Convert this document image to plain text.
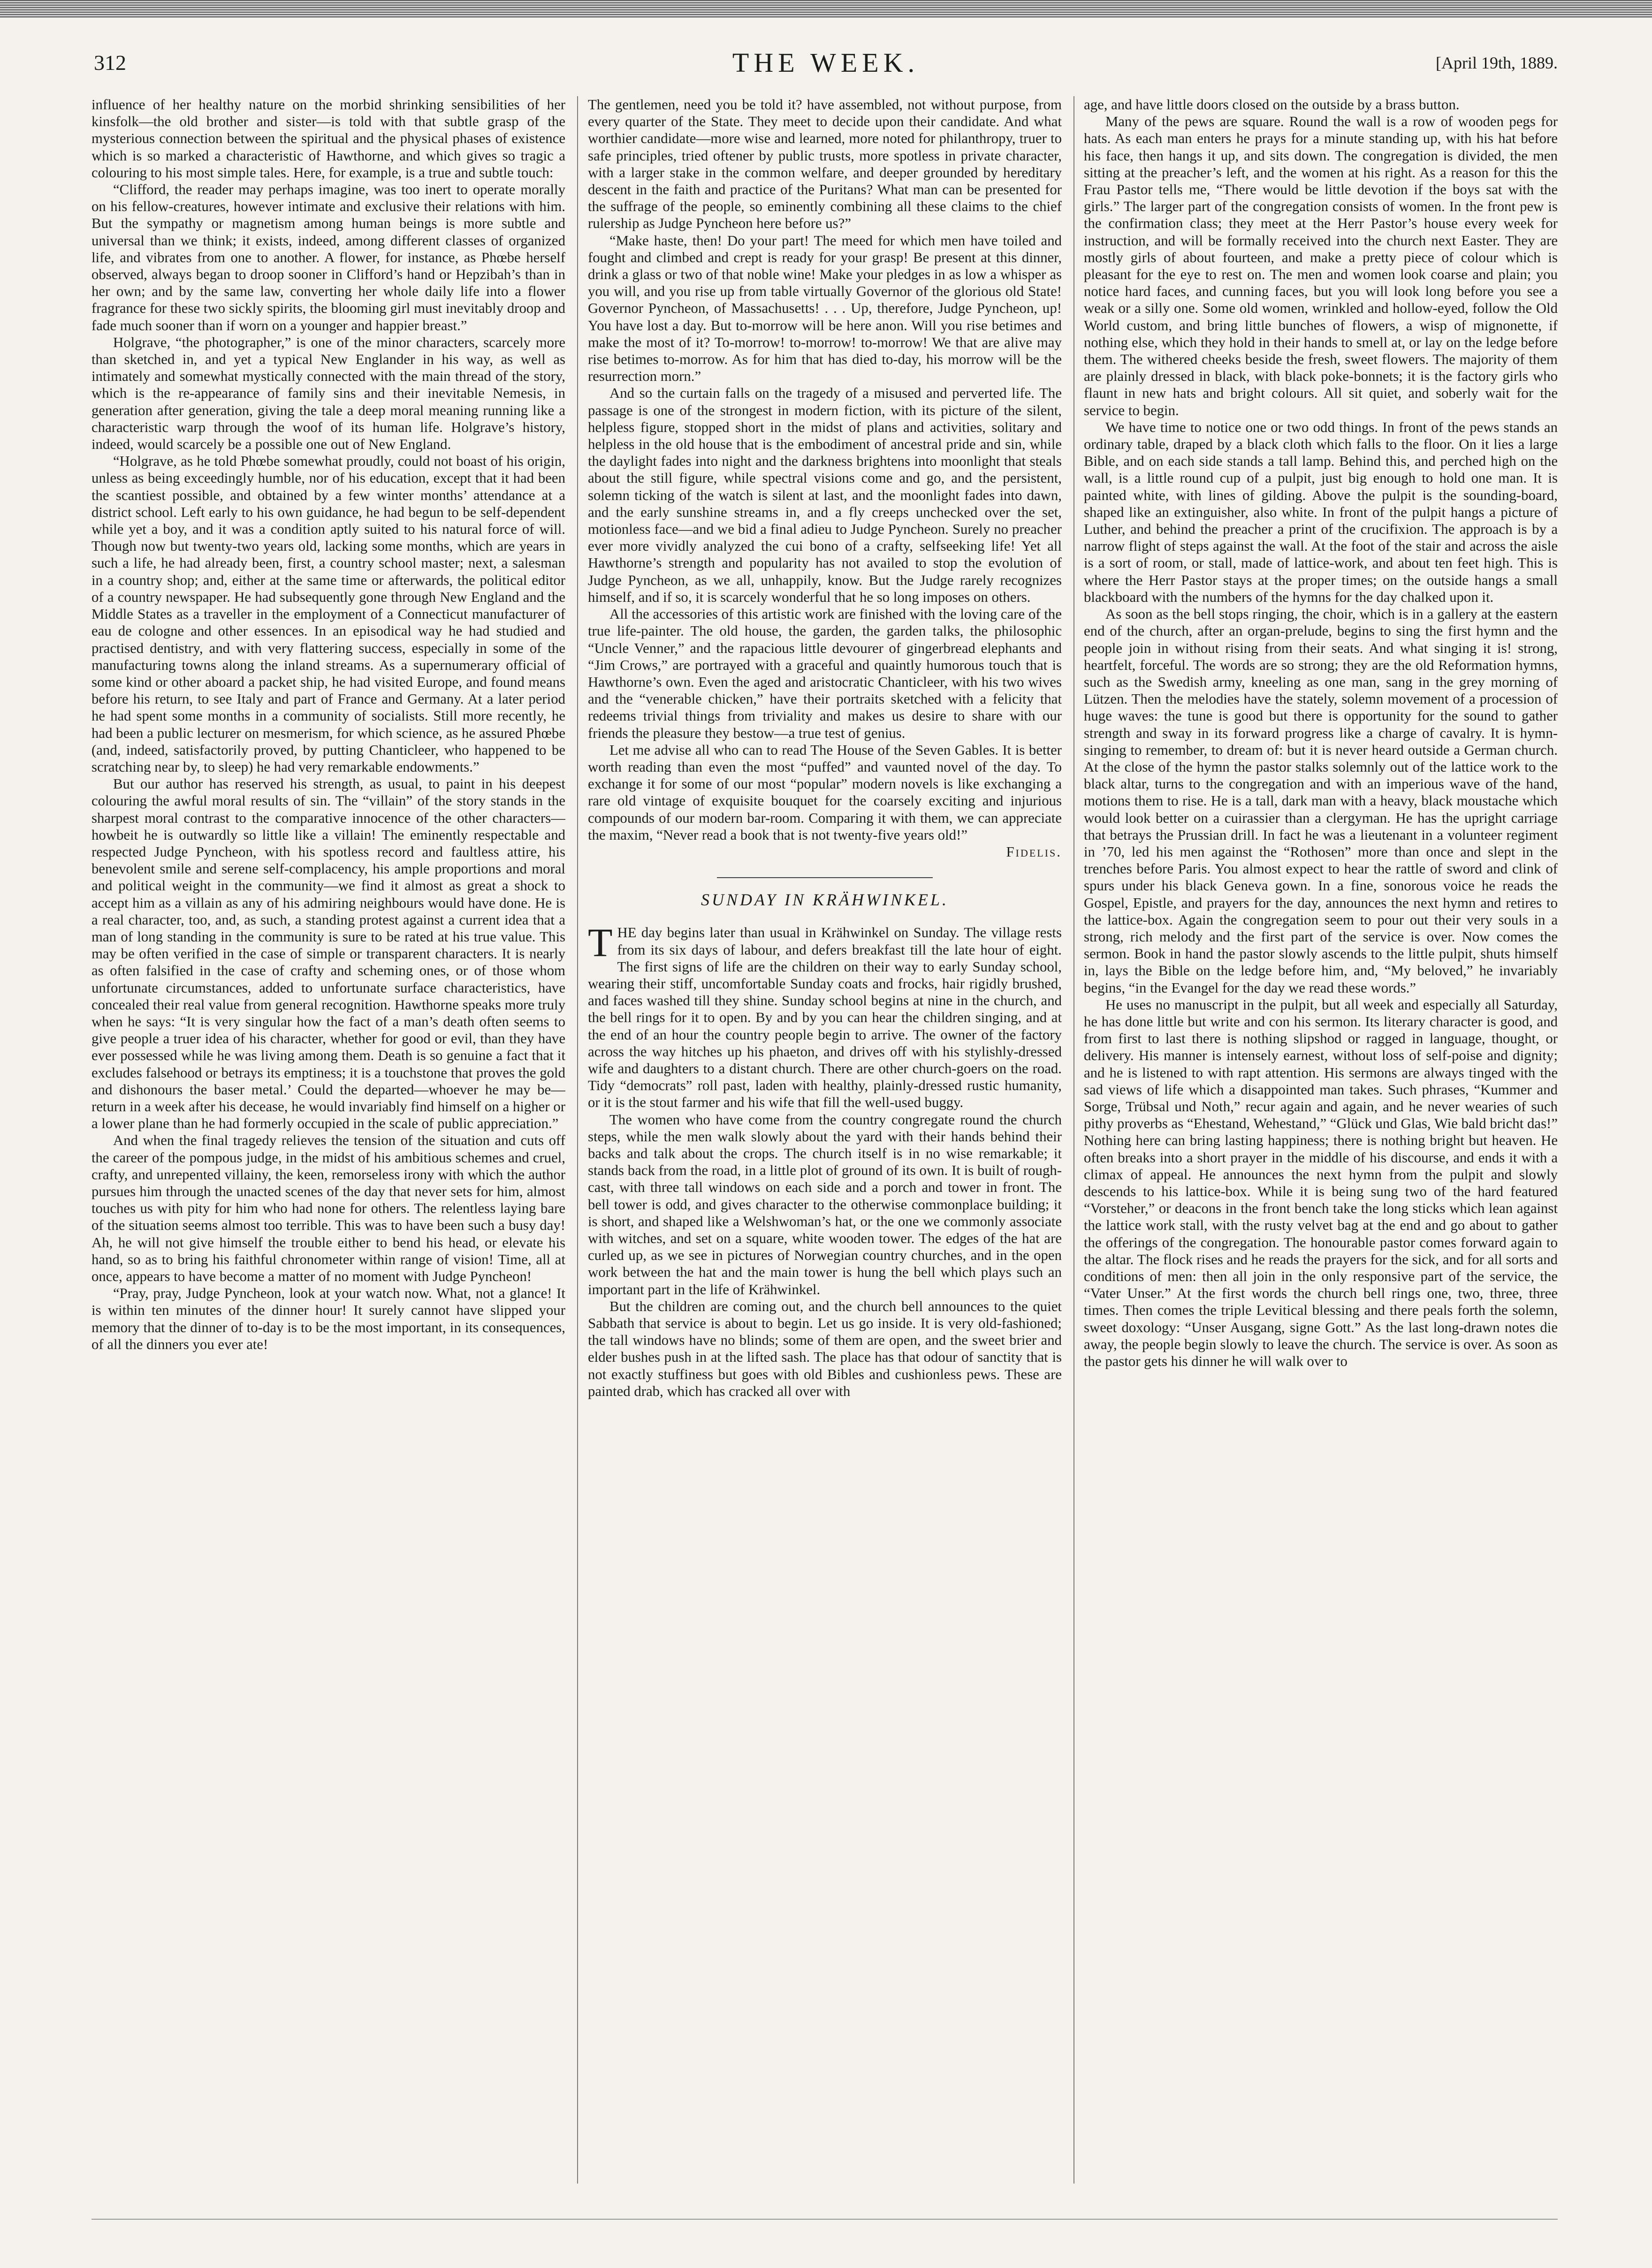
312	THE WEEK.	[April 19th, 1889.

influence of her healthy nature on the morbid shrinking sensibilities of her kinsfolk—the old brother and sister—is told with that subtle grasp of the mysterious connection between the spiritual and the physical phases of existence which is so marked a characteristic of Hawthorne, and which gives so tragic a colouring to his most simple tales. Here, for example, is a true and subtle touch:

“Clifford, the reader may perhaps imagine, was too inert to operate morally on his fellow-creatures, however intimate and exclusive their relations with him. But the sympathy or magnetism among human beings is more subtle and universal than we think; it exists, indeed, among different classes of organized life, and vibrates from one to another. A flower, for instance, as Phœbe herself observed, always began to droop sooner in Clifford’s hand or Hepzibah’s than in her own; and by the same law, converting her whole daily life into a flower fragrance for these two sickly spirits, the blooming girl must inevitably droop and fade much sooner than if worn on a younger and happier breast.”

Holgrave, “the photographer,” is one of the minor characters, scarcely more than sketched in, and yet a typical New Englander in his way, as well as intimately and somewhat mystically connected with the main thread of the story, which is the re-appearance of family sins and their inevitable Nemesis, in generation after generation, giving the tale a deep moral meaning running like a characteristic warp through the woof of its human life. Holgrave’s history, indeed, would scarcely be a possible one out of New England.

“Holgrave, as he told Phœbe somewhat proudly, could not boast of his origin, unless as being exceedingly humble, nor of his education, except that it had been the scantiest possible, and obtained by a few winter months’ attendance at a district school. Left early to his own guidance, he had begun to be self-dependent while yet a boy, and it was a condition aptly suited to his natural force of will. Though now but twenty-two years old, lacking some months, which are years in such a life, he had already been, first, a country school master; next, a salesman in a country shop; and, either at the same time or afterwards, the political editor of a country newspaper. He had subsequently gone through New England and the Middle States as a traveller in the employment of a Connecticut manufacturer of eau de cologne and other essences. In an episodical way he had studied and practised dentistry, and with very flattering success, especially in some of the manufacturing towns along the inland streams. As a supernumerary official of some kind or other aboard a packet ship, he had visited Europe, and found means before his return, to see Italy and part of France and Germany. At a later period he had spent some months in a community of socialists. Still more recently, he had been a public lecturer on mesmerism, for which science, as he assured Phœbe (and, indeed, satisfactorily proved, by putting Chanticleer, who happened to be scratching near by, to sleep) he had very remarkable endowments.”

But our author has reserved his strength, as usual, to paint in his deepest colouring the awful moral results of sin. The “villain” of the story stands in the sharpest moral contrast to the comparative innocence of the other characters—howbeit he is outwardly so little like a villain! The eminently respectable and respected Judge Pyncheon, with his spotless record and faultless attire, his benevolent smile and serene self-complacency, his ample proportions and moral and political weight in the community—we find it almost as great a shock to accept him as a villain as any of his admiring neighbours would have done. He is a real character, too, and, as such, a standing protest against a current idea that a man of long standing in the community is sure to be rated at his true value. This may be often verified in the case of simple or transparent characters. It is nearly as often falsified in the case of crafty and scheming ones, or of those whom unfortunate circumstances, added to unfortunate surface characteristics, have concealed their real value from general recognition. Hawthorne speaks more truly when he says: “It is very singular how the fact of a man’s death often seems to give people a truer idea of his character, whether for good or evil, than they have ever possessed while he was living among them. Death is so genuine a fact that it excludes falsehood or betrays its emptiness; it is a touchstone that proves the gold and dishonours the baser metal.’ Could the departed—whoever he may be—return in a week after his decease, he would invariably find himself on a higher or a lower plane than he had formerly occupied in the scale of public appreciation.”

And when the final tragedy relieves the tension of the situation and cuts off the career of the pompous judge, in the midst of his ambitious schemes and cruel, crafty, and unrepented villainy, the keen, remorseless irony with which the author pursues him through the unacted scenes of the day that never sets for him, almost touches us with pity for him who had none for others. The relentless laying bare of the situation seems almost too terrible. This was to have been such a busy day! Ah, he will not give himself the trouble either to bend his head, or elevate his hand, so as to bring his faithful chronometer within range of vision! Time, all at once, appears to have become a matter of no moment with Judge Pyncheon!

“Pray, pray, Judge Pyncheon, look at your watch now. What, not a glance! It is within ten minutes of the dinner hour! It surely cannot have slipped your memory that the dinner of to-day is to be the most important, in its consequences, of all the dinners you ever ate!

The gentlemen, need you be told it? have assembled, not without purpose, from every quarter of the State. They meet to decide upon their candidate. And what worthier candidate—more wise and learned, more noted for philanthropy, truer to safe principles, tried oftener by public trusts, more spotless in private character, with a larger stake in the common welfare, and deeper grounded by hereditary descent in the faith and practice of the Puritans? What man can be presented for the suffrage of the people, so eminently combining all these claims to the chief rulership as Judge Pyncheon here before us?”

“Make haste, then! Do your part! The meed for which men have toiled and fought and climbed and crept is ready for your grasp! Be present at this dinner, drink a glass or two of that noble wine! Make your pledges in as low a whisper as you will, and you rise up from table virtually Governor of the glorious old State! Governor Pyncheon, of Massachusetts! . . . Up, therefore, Judge Pyncheon, up! You have lost a day. But to-morrow will be here anon. Will you rise betimes and make the most of it? To-morrow! to-morrow! to-morrow! We that are alive may rise betimes to-morrow. As for him that has died to-day, his morrow will be the resurrection morn.”

And so the curtain falls on the tragedy of a misused and perverted life. The passage is one of the strongest in modern fiction, with its picture of the silent, helpless figure, stopped short in the midst of plans and activities, solitary and helpless in the old house that is the embodiment of ancestral pride and sin, while the daylight fades into night and the darkness brightens into moonlight that steals about the still figure, while spectral visions come and go, and the persistent, solemn ticking of the watch is silent at last, and the moonlight fades into dawn, and the early sunshine streams in, and a fly creeps unchecked over the set, motionless face—and we bid a final adieu to Judge Pyncheon. Surely no preacher ever more vividly analyzed the cui bono of a crafty, selfseeking life! Yet all Hawthorne’s strength and popularity has not availed to stop the evolution of Judge Pyncheon, as we all, unhappily, know. But the Judge rarely recognizes himself, and if so, it is scarcely wonderful that he so long imposes on others.

All the accessories of this artistic work are finished with the loving care of the true life-painter. The old house, the garden, the garden talks, the philosophic “Uncle Venner,” and the rapacious little devourer of gingerbread elephants and “Jim Crows,” are portrayed with a graceful and quaintly humorous touch that is Hawthorne’s own. Even the aged and aristocratic Chanticleer, with his two wives and the “venerable chicken,” have their portraits sketched with a felicity that redeems trivial things from triviality and makes us desire to share with our friends the pleasure they bestow—a true test of genius.

Let me advise all who can to read The House of the Seven Gables. It is better worth reading than even the most “puffed” and vaunted novel of the day. To exchange it for some of our most “popular” modern novels is like exchanging a rare old vintage of exquisite bouquet for the coarsely exciting and injurious compounds of our modern bar-room. Comparing it with them, we can appreciate the maxim, “Never read a book that is not twenty-five years old!”

Fidelis.
SUNDAY IN KRÄHWINKEL.

THE day begins later than usual in Krähwinkel on Sunday. The village rests from its six days of labour, and defers breakfast till the late hour of eight. The first signs of life are the children on their way to early Sunday school, wearing their stiff, uncomfortable Sunday coats and frocks, hair rigidly brushed, and faces washed till they shine. Sunday school begins at nine in the church, and the bell rings for it to open. By and by you can hear the children singing, and at the end of an hour the country people begin to arrive. The owner of the factory across the way hitches up his phaeton, and drives off with his stylishly-dressed wife and daughters to a distant church. There are other church-goers on the road. Tidy “democrats” roll past, laden with healthy, plainly-dressed rustic humanity, or it is the stout farmer and his wife that fill the well-used buggy.

The women who have come from the country congregate round the church steps, while the men walk slowly about the yard with their hands behind their backs and talk about the crops. The church itself is in no wise remarkable; it stands back from the road, in a little plot of ground of its own. It is built of rough-cast, with three tall windows on each side and a porch and tower in front. The bell tower is odd, and gives character to the otherwise commonplace building; it is short, and shaped like a Welshwoman’s hat, or the one we commonly associate with witches, and set on a square, white wooden tower. The edges of the hat are curled up, as we see in pictures of Norwegian country churches, and in the open work between the hat and the main tower is hung the bell which plays such an important part in the life of Krähwinkel.

But the children are coming out, and the church bell announces to the quiet Sabbath that service is about to begin. Let us go inside. It is very old-fashioned; the tall windows have no blinds; some of them are open, and the sweet brier and elder bushes push in at the lifted sash. The place has that odour of sanctity that is not exactly stuffiness but goes with old Bibles and cushionless pews. These are painted drab, which has cracked all over with

age, and have little doors closed on the outside by a brass button.

Many of the pews are square. Round the wall is a row of wooden pegs for hats. As each man enters he prays for a minute standing up, with his hat before his face, then hangs it up, and sits down. The congregation is divided, the men sitting at the preacher’s left, and the women at his right. As a reason for this the Frau Pastor tells me, “There would be little devotion if the boys sat with the girls.” The larger part of the congregation consists of women. In the front pew is the confirmation class; they meet at the Herr Pastor’s house every week for instruction, and will be formally received into the church next Easter. They are mostly girls of about fourteen, and make a pretty piece of colour which is pleasant for the eye to rest on. The men and women look coarse and plain; you notice hard faces, and cunning faces, but you will look long before you see a weak or a silly one. Some old women, wrinkled and hollow-eyed, follow the Old World custom, and bring little bunches of flowers, a wisp of mignonette, if nothing else, which they hold in their hands to smell at, or lay on the ledge before them. The withered cheeks beside the fresh, sweet flowers. The majority of them are plainly dressed in black, with black poke-bonnets; it is the factory girls who flaunt in new hats and bright colours. All sit quiet, and soberly wait for the service to begin.

We have time to notice one or two odd things. In front of the pews stands an ordinary table, draped by a black cloth which falls to the floor. On it lies a large Bible, and on each side stands a tall lamp. Behind this, and perched high on the wall, is a little round cup of a pulpit, just big enough to hold one man. It is painted white, with lines of gilding. Above the pulpit is the sounding-board, shaped like an extinguisher, also white. In front of the pulpit hangs a picture of Luther, and behind the preacher a print of the crucifixion. The approach is by a narrow flight of steps against the wall. At the foot of the stair and across the aisle is a sort of room, or stall, made of lattice-work, and about ten feet high. This is where the Herr Pastor stays at the proper times; on the outside hangs a small blackboard with the numbers of the hymns for the day chalked upon it.

As soon as the bell stops ringing, the choir, which is in a gallery at the eastern end of the church, after an organ-prelude, begins to sing the first hymn and the people join in without rising from their seats. And what singing it is! strong, heartfelt, forceful. The words are so strong; they are the old Reformation hymns, such as the Swedish army, kneeling as one man, sang in the grey morning of Lützen. Then the melodies have the stately, solemn movement of a procession of huge waves: the tune is good but there is opportunity for the sound to gather strength and sway in its forward progress like a charge of cavalry. It is hymn-singing to remember, to dream of: but it is never heard outside a German church. At the close of the hymn the pastor stalks solemnly out of the lattice work to the black altar, turns to the congregation and with an imperious wave of the hand, motions them to rise. He is a tall, dark man with a heavy, black moustache which would look better on a cuirassier than a clergyman. He has the upright carriage that betrays the Prussian drill. In fact he was a lieutenant in a volunteer regiment in ’70, led his men against the “Rothosen” more than once and slept in the trenches before Paris. You almost expect to hear the rattle of sword and clink of spurs under his black Geneva gown. In a fine, sonorous voice he reads the Gospel, Epistle, and prayers for the day, announces the next hymn and retires to the lattice-box. Again the congregation seem to pour out their very souls in a strong, rich melody and the first part of the service is over. Now comes the sermon. Book in hand the pastor slowly ascends to the little pulpit, shuts himself in, lays the Bible on the ledge before him, and, “My beloved,” he invariably begins, “in the Evangel for the day we read these words.”

He uses no manuscript in the pulpit, but all week and especially all Saturday, he has done little but write and con his sermon. Its literary character is good, and from first to last there is nothing slipshod or ragged in language, thought, or delivery. His manner is intensely earnest, without loss of self-poise and dignity; and he is listened to with rapt attention. His sermons are always tinged with the sad views of life which a disappointed man takes. Such phrases, “Kummer and Sorge, Trübsal und Noth,” recur again and again, and he never wearies of such pithy proverbs as “Ehestand, Wehestand,” “Glück und Glas, Wie bald bricht das!” Nothing here can bring lasting happiness; there is nothing bright but heaven. He often breaks into a short prayer in the middle of his discourse, and ends it with a climax of appeal. He announces the next hymn from the pulpit and slowly descends to his lattice-box. While it is being sung two of the hard featured “Vorsteher,” or deacons in the front bench take the long sticks which lean against the lattice work stall, with the rusty velvet bag at the end and go about to gather the offerings of the congregation. The honourable pastor comes forward again to the altar. The flock rises and he reads the prayers for the sick, and for all sorts and conditions of men: then all join in the only responsive part of the service, the “Vater Unser.” At the first words the church bell rings one, two, three, three times. Then comes the triple Levitical blessing and there peals forth the solemn, sweet doxology: “Unser Ausgang, signe Gott.” As the last long-drawn notes die away, the people begin slowly to leave the church. The service is over. As soon as the pastor gets his dinner he will walk over to
